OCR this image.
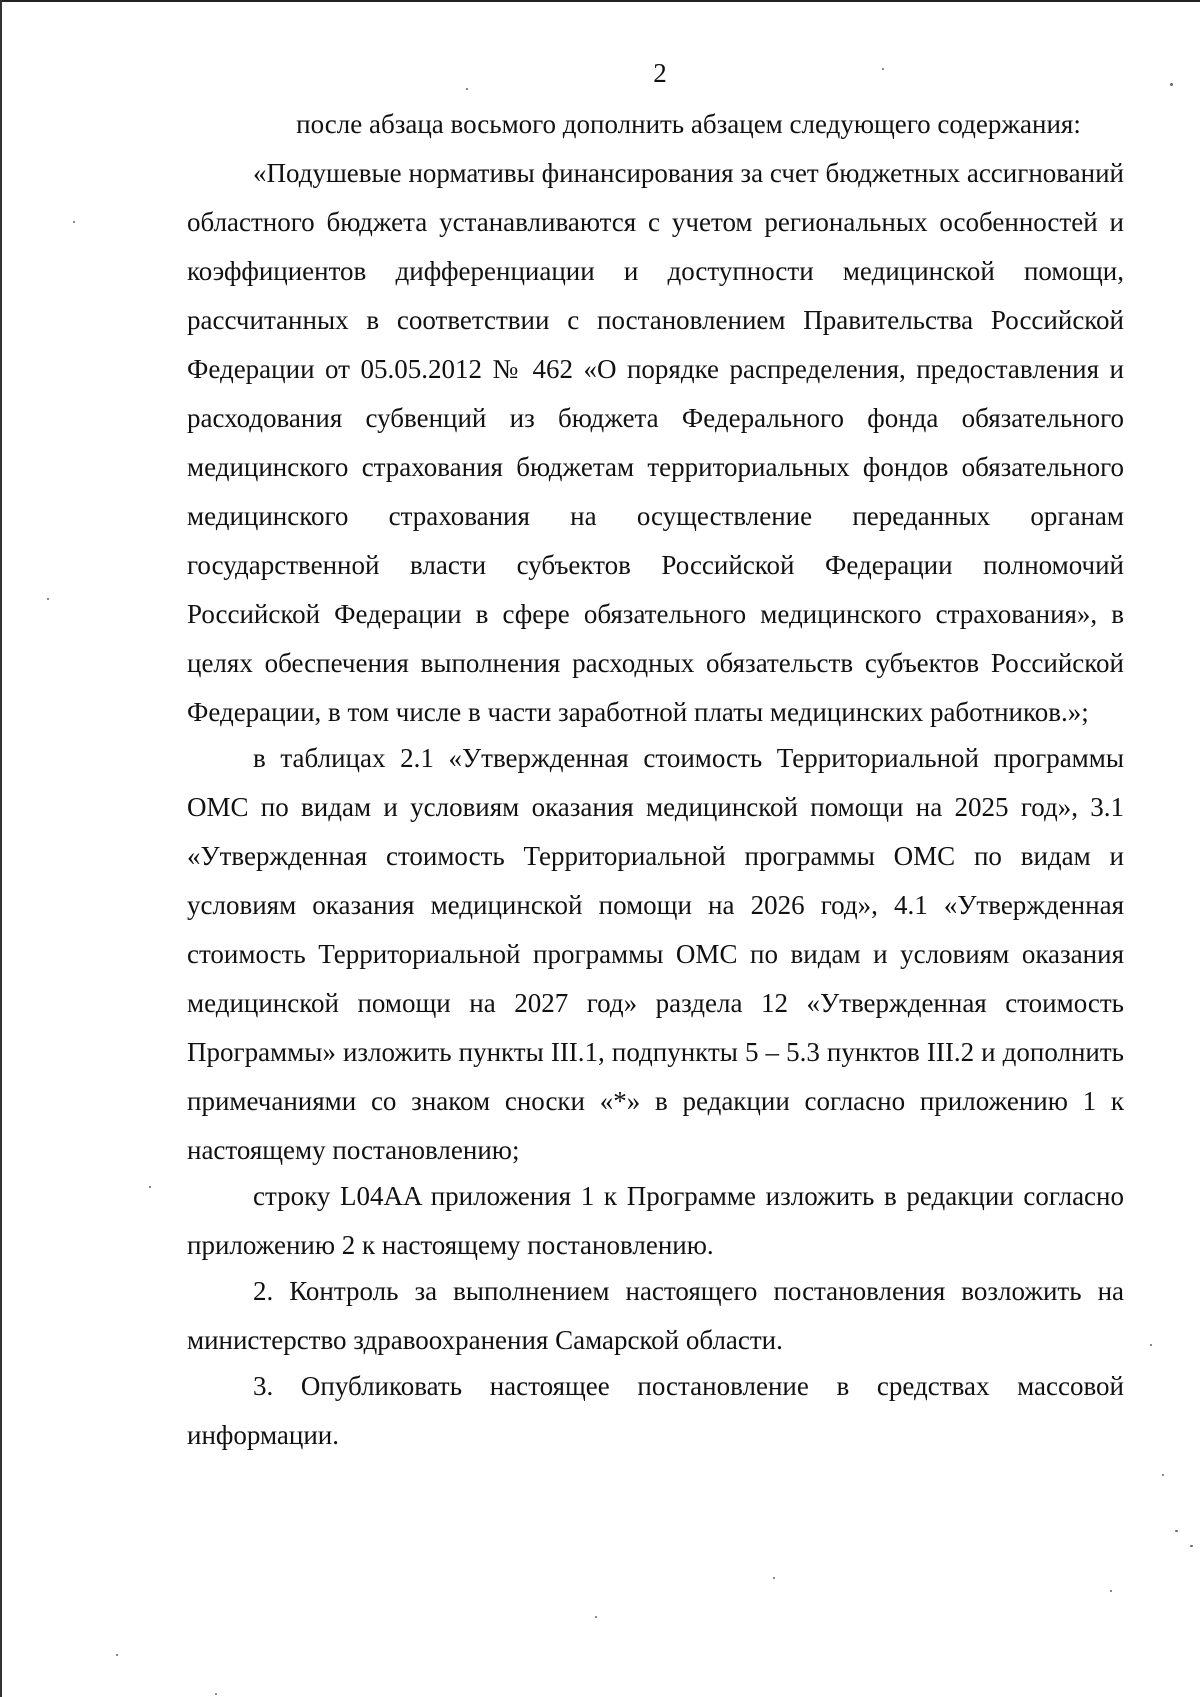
2

после абзаца восьмого дополнить абзацем следующего содержания:

«Подушевые нормативы финансирования за счет бюджетных ассигнований областного бюджета устанавливаются с учетом региональных особенностей и коэффициентов дифференциации и доступности медицинской помощи, рассчитанных в соответствии с постановлением Правительства Российской Федерации от 05.05.2012 № 462 «О порядке распределения, предоставления и расходования субвенций из бюджета Федерального фонда обязательного медицинского страхования бюджетам территориальных фондов обязательного медицинского страхования на осуществление переданных органам государственной власти субъектов Российской Федерации полномочий Российской Федерации в сфере обязательного медицинского страхования», в целях обеспечения выполнения расходных обязательств субъектов Российской Федерации, в том числе в части заработной платы медицинских работников.»;

в таблицах 2.1 «Утвержденная стоимость Территориальной программы ОМС по видам и условиям оказания медицинской помощи на 2025 год», 3.1 «Утвержденная стоимость Территориальной программы ОМС по видам и условиям оказания медицинской помощи на 2026 год», 4.1 «Утвержденная стоимость Территориальной программы ОМС по видам и условиям оказания медицинской помощи на 2027 год» раздела 12 «Утвержденная стоимость Программы» изложить пункты III.1, подпункты 5 – 5.3 пунктов III.2 и дополнить примечаниями со знаком сноски «*» в редакции согласно приложению 1 к настоящему постановлению;

строку L04AA приложения 1 к Программе изложить в редакции согласно приложению 2 к настоящему постановлению.

2. Контроль за выполнением настоящего постановления возложить на министерство здравоохранения Самарской области.

3. Опубликовать настоящее постановление в средствах массовой информации.
